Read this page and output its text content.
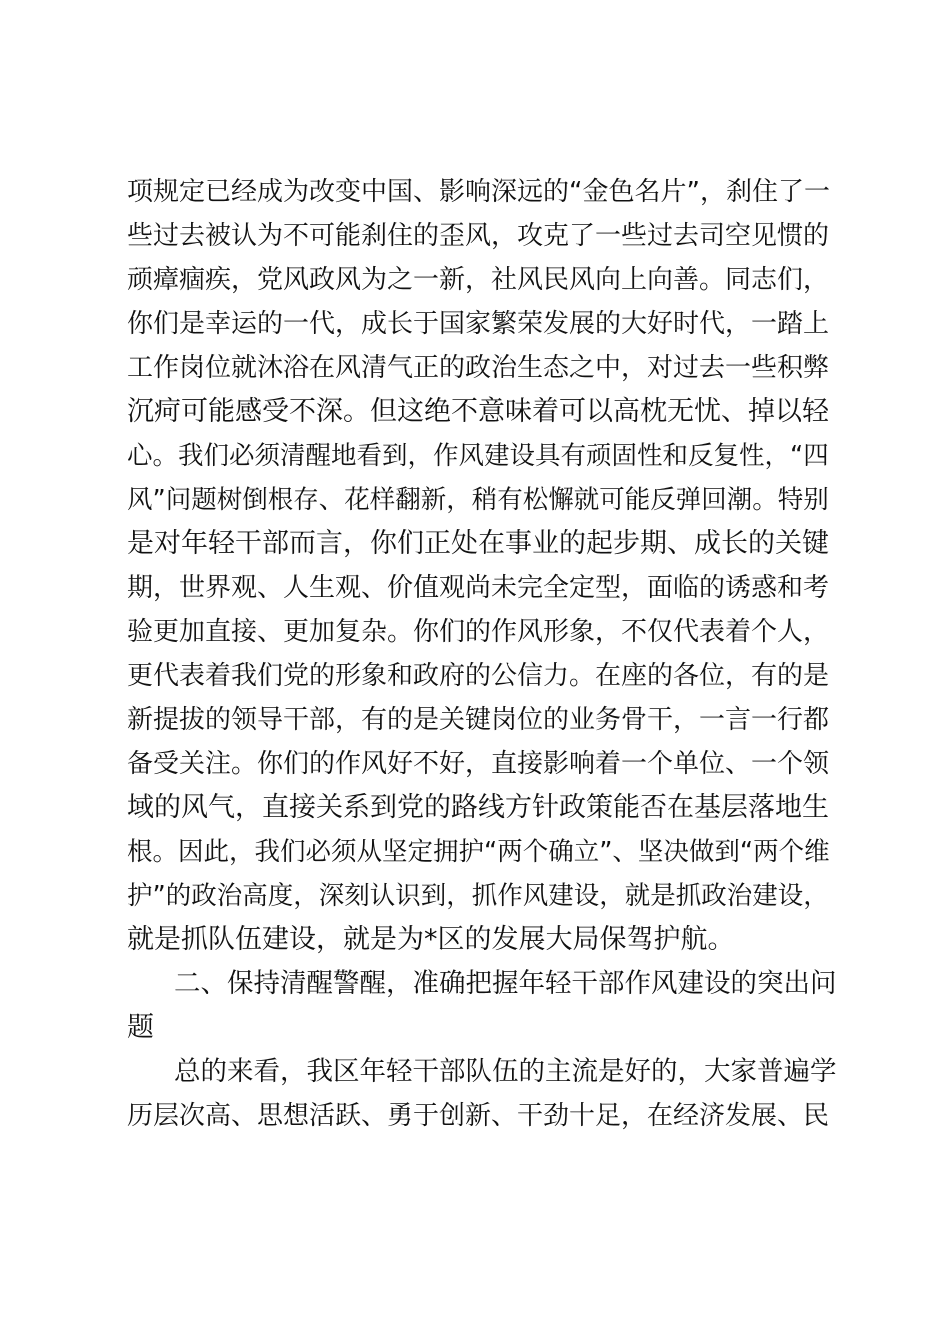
项规定已经成为改变中国、影响深远的“金色名片”，刹住了一
些过去被认为不可能刹住的歪风，攻克了一些过去司空见惯的
顽瘴痼疾，党风政风为之一新，社风民风向上向善。同志们，
你们是幸运的一代，成长于国家繁荣发展的大好时代，一踏上
工作岗位就沐浴在风清气正的政治生态之中，对过去一些积弊
沉疴可能感受不深。但这绝不意味着可以高枕无忧、掉以轻
心。我们必须清醒地看到，作风建设具有顽固性和反复性，“四
风”问题树倒根存、花样翻新，稍有松懈就可能反弹回潮。特别
是对年轻干部而言，你们正处在事业的起步期、成长的关键
期，世界观、人生观、价值观尚未完全定型，面临的诱惑和考
验更加直接、更加复杂。你们的作风形象，不仅代表着个人，
更代表着我们党的形象和政府的公信力。在座的各位，有的是
新提拔的领导干部，有的是关键岗位的业务骨干，一言一行都
备受关注。你们的作风好不好，直接影响着一个单位、一个领
域的风气，直接关系到党的路线方针政策能否在基层落地生
根。因此，我们必须从坚定拥护“两个确立”、坚决做到“两个维
护”的政治高度，深刻认识到，抓作风建设，就是抓政治建设，
就是抓队伍建设，就是为*区的发展大局保驾护航。
二、保持清醒警醒，准确把握年轻干部作风建设的突出问
题
总的来看，我区年轻干部队伍的主流是好的，大家普遍学
历层次高、思想活跃、勇于创新、干劲十足，在经济发展、民
